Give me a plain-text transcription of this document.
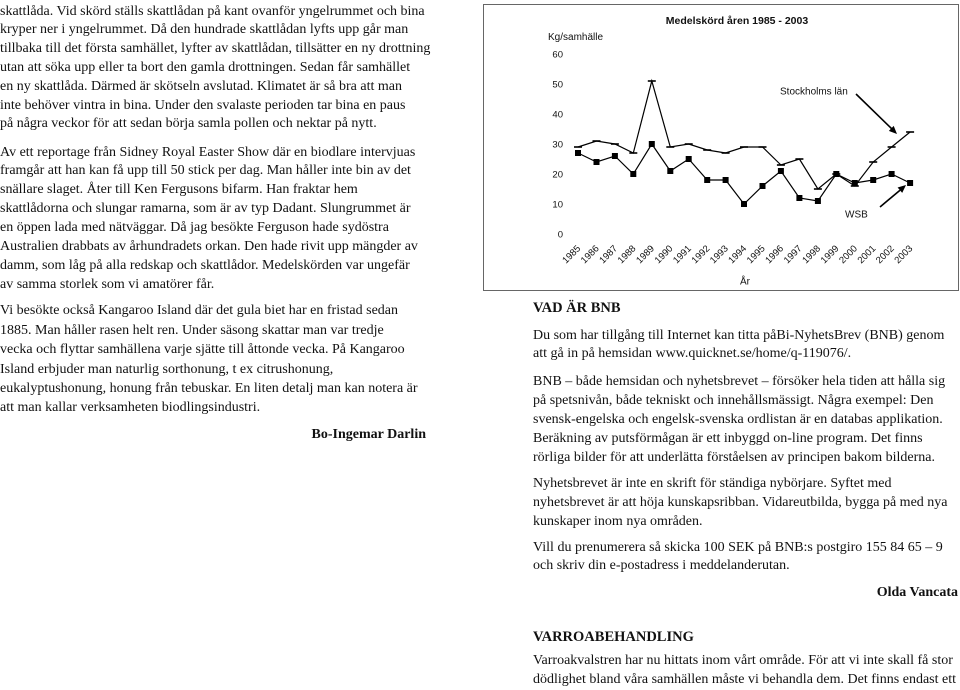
skattlåda. Vid skörd ställs skattlådan på kant ovanför yngelrummet och bina
kryper ner i yngelrummet. Då den hundrade skattlådan lyfts upp går man
tillbaka till det första samhället, lyfter av skattlådan, tillsätter en ny drottning
utan att söka upp eller ta bort den gamla drottningen. Sedan får samhället
en ny skattlåda. Därmed är skötseln avslutad. Klimatet är så bra att man
inte behöver vintra in bina. Under den svalaste perioden tar bina en paus
på några veckor för att sedan börja samla pollen och nektar på nytt.
Av ett reportage från Sidney Royal Easter Show där en biodlare intervjuas
framgår att han kan få upp till 50 stick per dag. Man håller inte bin av det
snällare slaget. Åter till Ken Fergusons bifarm. Han fraktar hem
skattlådorna och slungar ramarna, som är av typ Dadant. Slungrummet är
en öppen lada med nätväggar. Då jag besökte Ferguson hade sydöstra
Australien drabbats av århundradets orkan. Den hade rivit upp mängder av
damm, som låg på alla redskap och skattlådor. Medelskörden var ungefär
av samma storlek som vi amatörer får.
Vi besökte också Kangaroo Island där det gula biet har en fristad sedan
1885. Man håller rasen helt ren. Under säsong skattar man var tredje
vecka och flyttar samhällena varje sjätte till åttonde vecka. På Kangaroo
Island erbjuder man naturlig sorthonung, t ex citrushonung,
eukalyptushonung, honung från tebuskar. En liten detalj man kan notera är
att man kallar verksamheten biodlingsindustri.
Bo-Ingemar Darlin
Medelskörd åren 1985 - 2003
Kg/samhälle
År
0
10
20
30
40
50
60
1985
1986
1987
1988
1989
1990
1991
1992
1993
1994
1995
1996
1997
1998
1999
2000
2001
2002
2003
Stockholms län
WSB
VAD ÄR BNB
Du som har tillgång till Internet kan titta påBi-NyhetsBrev (BNB) genom
att gå in på hemsidan www.quicknet.se/home/q-119076/.
BNB – både hemsidan och nyhetsbrevet – försöker hela tiden att hålla sig
på spetsnivån, både tekniskt och innehållsmässigt. Några exempel: Den
svensk-engelska och engelsk-svenska ordlistan är en databas applikation.
Beräkning av putsförmågan är ett inbyggd on-line program. Det finns
rörliga bilder för att underlätta förståelsen av principen bakom bilderna.
Nyhetsbrevet är inte en skrift för ständiga nybörjare. Syftet med
nyhetsbrevet är att höja kunskapsribban. Vidareutbilda, bygga på med nya
kunskaper inom nya områden.
Vill du prenumerera så skicka 100 SEK på BNB:s postgiro 155 84 65 – 9
och skriv din e-postadress i meddelanderutan.
Olda Vancata
VARROABEHANDLING
Varroakvalstren har nu hittats inom vårt område. För att vi inte skall få stor
dödlighet bland våra samhällen måste vi behandla dem. Det finns endast ett
